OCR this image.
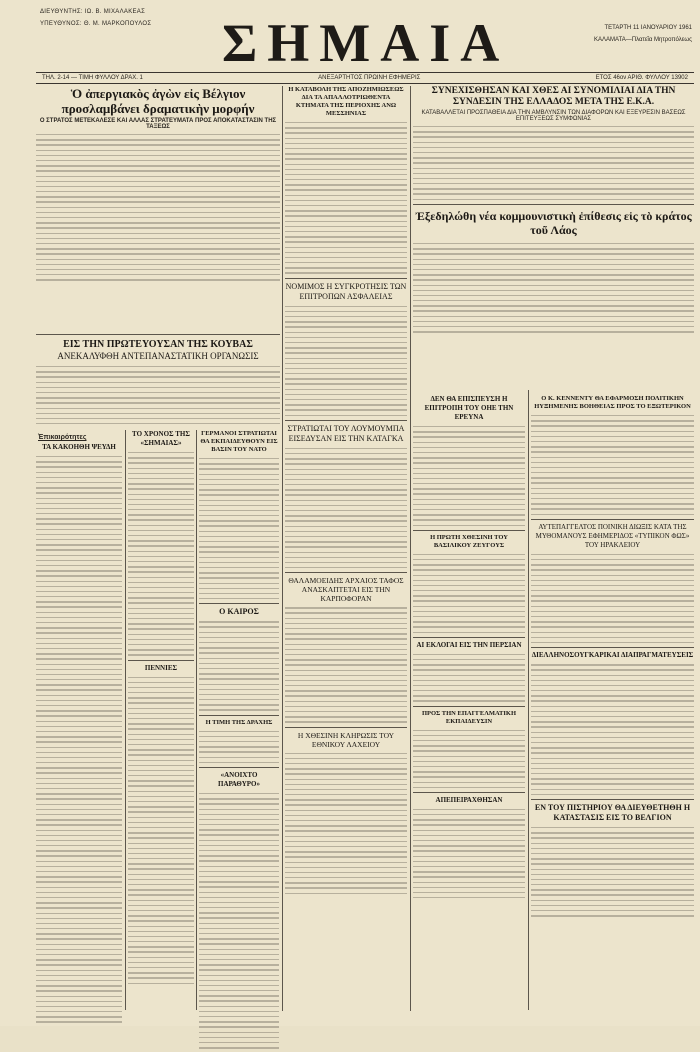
ΔΙΕΥΘΥΝΤΗΣ: ΙΩ. Β. ΜΙΧΑΛΑΚΕΑΣ
ΥΠΕΥΘΥΝΟΣ: Θ. Μ. ΜΑΡΚΟΠΟΥΛΟΣ ΣΗΜΑΙΑ	ΤΕΤΑΡΤΗ 11 ΙΑΝΟΥΑΡΙΟΥ 1961
ΚΑΛΑΜΑΤΑ—Πλατεῖα Μητροπόλεως
ΤΗΛ. 2-14 — ΤΙΜΗ ΦΥΛΛΟΥ ΔΡΑΧ. 1	ΑΝΕΞΑΡΤΗΤΟΣ ΠΡΩΙΝΗ ΕΦΗΜΕΡΙΣ	ΕΤΟΣ 46ον ΑΡΙΘ. ΦΥΛΛΟΥ 13902
Ὁ ἀπεργιακὸς ἀγὼν εἰς Βέλγιον προσλαμβάνει δραματικὴν μορφήν
Ο ΣΤΡΑΤΟΣ ΜΕΤΕΚΑΛΕΣΕ ΚΑΙ ΑΛΛΑΣ ΣΤΡΑΤΕΥΜΑΤΑ ΠΡΟΣ ΑΠΟΚΑΤΑΣΤΑΣΙΝ ΤΗΣ ΤΑΞΕΩΣ
ΕΙΣ ΤΗΝ ΠΡΩΤΕΥΟΥΣΑΝ ΤΗΣ ΚΟΥΒΑΣ
ΑΝΕΚΑΛΥΦΘΗ ΑΝΤΕΠΑΝΑΣΤΑΤΙΚΗ ΟΡΓΑΝΩΣΙΣ
Ἐπικαιρότητες
ΤΑ ΚΑΚΟΗΘΗ ΨΕΥΔΗ
ΤΟ ΧΡΟΝΟΣ ΤΗΣ «ΣΗΜΑΙΑΣ»
ΠΕΝΝΙΕΣ
ΓΕΡΜΑΝΟΙ ΣΤΡΑΤΙΩΤΑΙ ΘΑ ΕΚΠΑΙΔΕΥΘΟΥΝ ΕΙΣ ΒΑΣΙΝ ΤΟΥ ΝΑΤΟ
Ο ΚΑΙΡΟΣ
Η ΤΙΜΗ ΤΗΣ ΔΡΑΧΗΣ
«ΑΝΟΙΧΤΟ ΠΑΡΑΘΥΡΟ»
Η ΚΑΤΑΒΟΛΗ ΤΗΣ ΑΠΟΖΗΜΙΩΣΕΩΣ ΔΙΑ ΤΑ ΑΠΑΛΛΟΤΡΙΩΘΕΝΤΑ ΚΤΗΜΑΤΑ ΤΗΣ ΠΕΡΙΟΧΗΣ ΑΝΩ ΜΕΣΣΗΝΙΑΣ
ΝΟΜΙΜΟΣ Η ΣΥΓΚΡΟΤΗΣΙΣ ΤΩΝ ΕΠΙΤΡΟΠΩΝ ΑΣΦΑΛΕΙΑΣ
ΣΤΡΑΤΙΩΤΑΙ ΤΟΥ ΛΟΥΜΟΥΜΠΑ ΕΙΣΕΔΥΣΑΝ ΕΙΣ ΤΗΝ ΚΑΤΑΓΚΑ
ΘΑΛΑΜΟΕΙΔΗΣ ΑΡΧΑΙΟΣ ΤΑΦΟΣ ΑΝΑΣΚΑΠΤΕΤΑΙ ΕΙΣ ΤΗΝ ΚΑΡΠΟΦΟΡΑΝ
Η ΧΘΕΣΙΝΗ ΚΛΗΡΩΣΙΣ ΤΟΥ ΕΘΝΙΚΟΥ ΛΑΧΕΙΟΥ
ΣΥΝΕΧΙΣΘΗΣΑΝ ΚΑΙ ΧΘΕΣ ΑΙ ΣΥΝΟΜΙΛΙΑΙ ΔΙΑ ΤΗΝ ΣΥΝΔΕΣΙΝ ΤΗΣ ΕΛΛΑΔΟΣ ΜΕΤΑ ΤΗΣ Ε.Κ.Α.
ΚΑΤΑΒΑΛΛΕΤΑΙ ΠΡΟΣΠΑΘΕΙΑ ΔΙΑ ΤΗΝ ΑΜΒΛΥΝΣΙΝ ΤΩΝ ΔΙΑΦΟΡΩΝ ΚΑΙ ΕΞΕΥΡΕΣΙΝ ΒΑΣΕΩΣ ΕΠΙΤΕΥΞΕΩΣ ΣΥΜΦΩΝΙΑΣ
Ἐξεδηλώθη νέα κομμουνιστικὴ ἐπίθεσις εἰς τὸ κράτος τοῦ Λάος
ΔΕΝ ΘΑ ΕΠΙΣΠΕΥΣΗ Η ΕΠΙΤΡΟΠΗ ΤΟΥ ΟΗΕ ΤΗΝ ΕΡΕΥΝΑ
Η ΠΡΩΤΗ ΧΘΕΣΙΝΗ ΤΟΥ ΒΑΣΙΛΙΚΟΥ ΖΕΥΓΟΥΣ
ΑΙ ΕΚΛΟΓΑΙ ΕΙΣ ΤΗΝ ΠΕΡΣΙΑΝ
ΠΡΟΣ ΤΗΝ ΕΠΑΓΓΕΛΜΑΤΙΚΗ ΕΚΠΑΙΔΕΥΣΙΝ
ΑΠΕΠΕΙΡΑΧΘΗΣΑΝ
Ο Κ. ΚΕΝΝΕΝΤΥ ΘΑ ΕΦΑΡΜΟΣΗ ΠΟΛΙΤΙΚΗΝ ΗΥΞΗΜΕΝΗΣ ΒΟΗΘΕΙΑΣ ΠΡΟΣ ΤΟ ΕΞΩΤΕΡΙΚΟΝ
ΑΥΤΕΠΑΓΓΕΛΤΟΣ ΠΟΙΝΙΚΗ ΔΙΩΞΙΣ ΚΑΤΑ ΤΗΣ ΜΥΘΟΜΑΝΟΥΣ ΕΦΗΜΕΡΙΔΟΣ «ΤΥΠΙΚΟΝ ΦΩΣ» ΤΟΥ ΗΡΑΚΛΕΙΟΥ
ΔΙΕΛΛΗΝΟΣΟΥΓΚΑΡΙΚΑΙ ΔΙΑΠΡΑΓΜΑΤΕΥΣΕΙΣ
ΕΝ ΤΟΥ ΠΙΣΤΗΡΙΟΥ ΘΑ ΔΙΕΥΘΕΤΗΘΗ Η ΚΑΤΑΣΤΑΣΙΣ ΕΙΣ ΤΟ ΒΕΛΓΙΟΝ
